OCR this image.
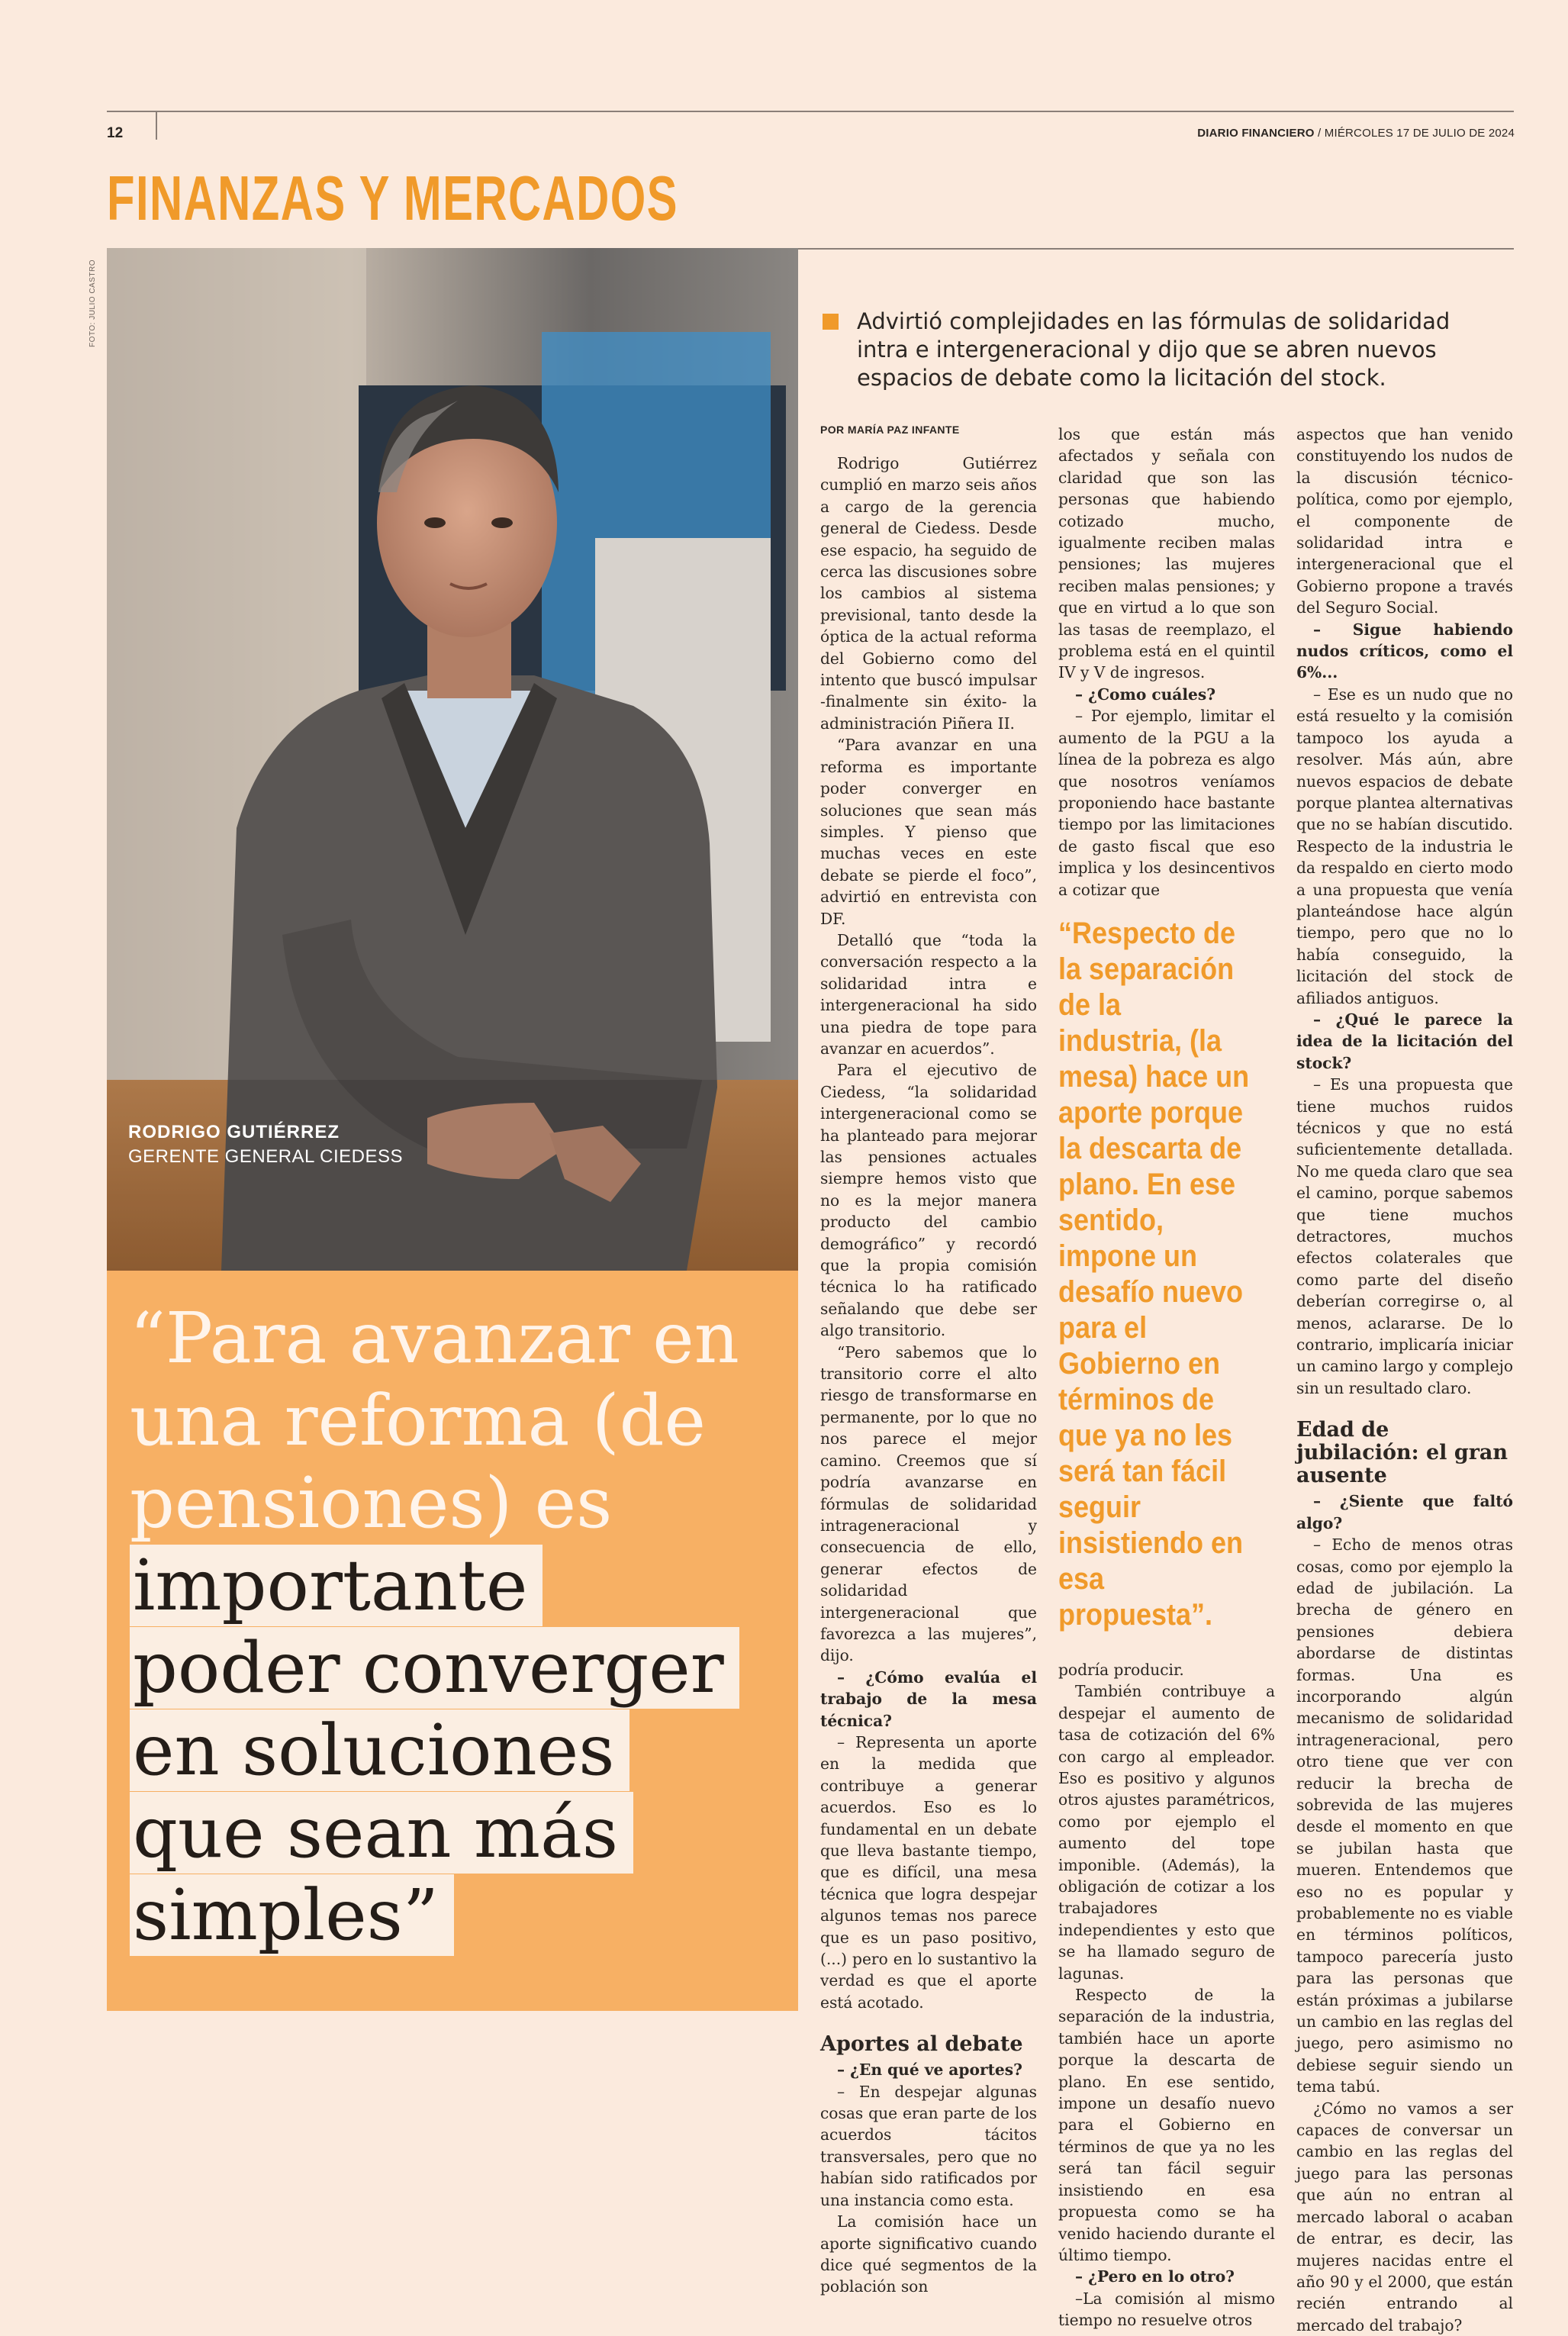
12	DIARIO FINANCIERO / MIÉRCOLES 17 DE JULIO DE 2024
FINANZAS Y MERCADOS
FOTO: JULIO CASTRO
RODRIGO GUTIÉRREZ
GERENTE GENERAL CIEDESS
“Para avanzar en
una reforma (de
pensiones) es
importante
poder converger
en soluciones
que sean más
simples”

Advirtió complejidades en las fórmulas de solidaridad intra e intergeneracional y dijo que se abren nuevos espacios de debate como la licitación del stock.

POR MARÍA PAZ INFANTE

Rodrigo Gutiérrez cumplió en marzo seis años a cargo de la gerencia general de Ciedess. Desde ese espacio, ha seguido de cerca las discusiones sobre los cambios al sistema previsional, tanto desde la óptica de la actual reforma del Gobierno como del intento que buscó impulsar -finalmente sin éxito- la administración Piñera II.

“Para avanzar en una reforma es importante poder converger en soluciones que sean más simples. Y pienso que muchas veces en este debate se pierde el foco”, advirtió en entrevista con DF.

Detalló que “toda la conversación respecto a la solidaridad intra e intergeneracional ha sido una piedra de tope para avanzar en acuerdos”.

Para el ejecutivo de Ciedess, “la solidaridad intergeneracional como se ha planteado para mejorar las pensiones actuales siempre hemos visto que no es la mejor manera producto del cambio demográfico” y recordó que la propia comisión técnica lo ha ratificado señalando que debe ser algo transitorio.

“Pero sabemos que lo transitorio corre el alto riesgo de transformarse en permanente, por lo que no nos parece el mejor camino. Creemos que sí podría avanzarse en fórmulas de solidaridad intrageneracional y consecuencia de ello, generar efectos de solidaridad intergeneracional que favorezca a las mujeres”, dijo.

– ¿Cómo evalúa el trabajo de la mesa técnica?

– Representa un aporte en la medida que contribuye a generar acuerdos. Eso es lo fundamental en un debate que lleva bastante tiempo, que es difícil, una mesa técnica que logra despejar algunos temas nos parece que es un paso positivo, (...) pero en lo sustantivo la verdad es que el aporte está acotado.

Aportes al debate

– ¿En qué ve aportes?

– En despejar algunas cosas que eran parte de los acuerdos tácitos transversales, pero que no habían sido ratificados por una instancia como esta.

La comisión hace un aporte significativo cuando dice qué segmentos de la población son

los que están más afectados y señala con claridad que son las personas que habiendo cotizado mucho, igualmente reciben malas pensiones; las mujeres reciben malas pensiones; y que en virtud a lo que son las tasas de reemplazo, el problema está en el quintil IV y V de ingresos.

– ¿Como cuáles?

– Por ejemplo, limitar el aumento de la PGU a la línea de la pobreza es algo que nosotros veníamos proponiendo hace bastante tiempo por las limitaciones de gasto fiscal que eso implica y los desincentivos a cotizar que

“Respecto de la separación de la industria, (la mesa) hace un aporte porque la descarta de plano. En ese sentido, impone un desafío nuevo para el Gobierno en términos de que ya no les será tan fácil seguir insistiendo en esa propuesta”.

podría producir.

También contribuye a despejar el aumento de tasa de cotización del 6% con cargo al empleador. Eso es positivo y algunos otros ajustes paramétricos, como por ejemplo el aumento del tope imponible. (Además), la obligación de cotizar a los trabajadores independientes y esto que se ha llamado seguro de lagunas.

Respecto de la separación de la industria, también hace un aporte porque la descarta de plano. En ese sentido, impone un desafío nuevo para el Gobierno en términos de que ya no les será tan fácil seguir insistiendo en esa propuesta como se ha venido haciendo durante el último tiempo.

– ¿Pero en lo otro?

–La comisión al mismo tiempo no resuelve otros

aspectos que han venido constituyendo los nudos de la discusión técnico-política, como por ejemplo, el componente de solidaridad intra e intergeneracional que el Gobierno propone a través del Seguro Social.

– Sigue habiendo nudos críticos, como el 6%...

– Ese es un nudo que no está resuelto y la comisión tampoco los ayuda a resolver. Más aún, abre nuevos espacios de debate porque plantea alternativas que no se habían discutido. Respecto de la industria le da respaldo en cierto modo a una propuesta que venía planteándose hace algún tiempo, pero que no lo había conseguido, la licitación del stock de afiliados antiguos.

– ¿Qué le parece la idea de la licitación del stock?

– Es una propuesta que tiene muchos ruidos técnicos y que no está suficientemente detallada. No me queda claro que sea el camino, porque sabemos que tiene muchos detractores, muchos efectos colaterales que como parte del diseño deberían corregirse o, al menos, aclararse. De lo contrario, implicaría iniciar un camino largo y complejo sin un resultado claro.

Edad de jubilación: el gran ausente

– ¿Siente que faltó algo?

– Echo de menos otras cosas, como por ejemplo la edad de jubilación. La brecha de género en pensiones debiera abordarse de distintas formas. Una es incorporando algún mecanismo de solidaridad intrageneracional, pero otro tiene que ver con reducir la brecha de sobrevida de las mujeres desde el momento en que se jubilan hasta que mueren. Entendemos que eso no es popular y probablemente no es viable en términos políticos, tampoco parecería justo para las personas que están próximas a jubilarse un cambio en las reglas del juego, pero asimismo no debiese seguir siendo un tema tabú.

¿Cómo no vamos a ser capaces de conversar un cambio en las reglas del juego para las personas que aún no entran al mercado laboral o acaban de entrar, es decir, las mujeres nacidas entre el año 90 y el 2000, que están recién entrando al mercado del trabajo?
